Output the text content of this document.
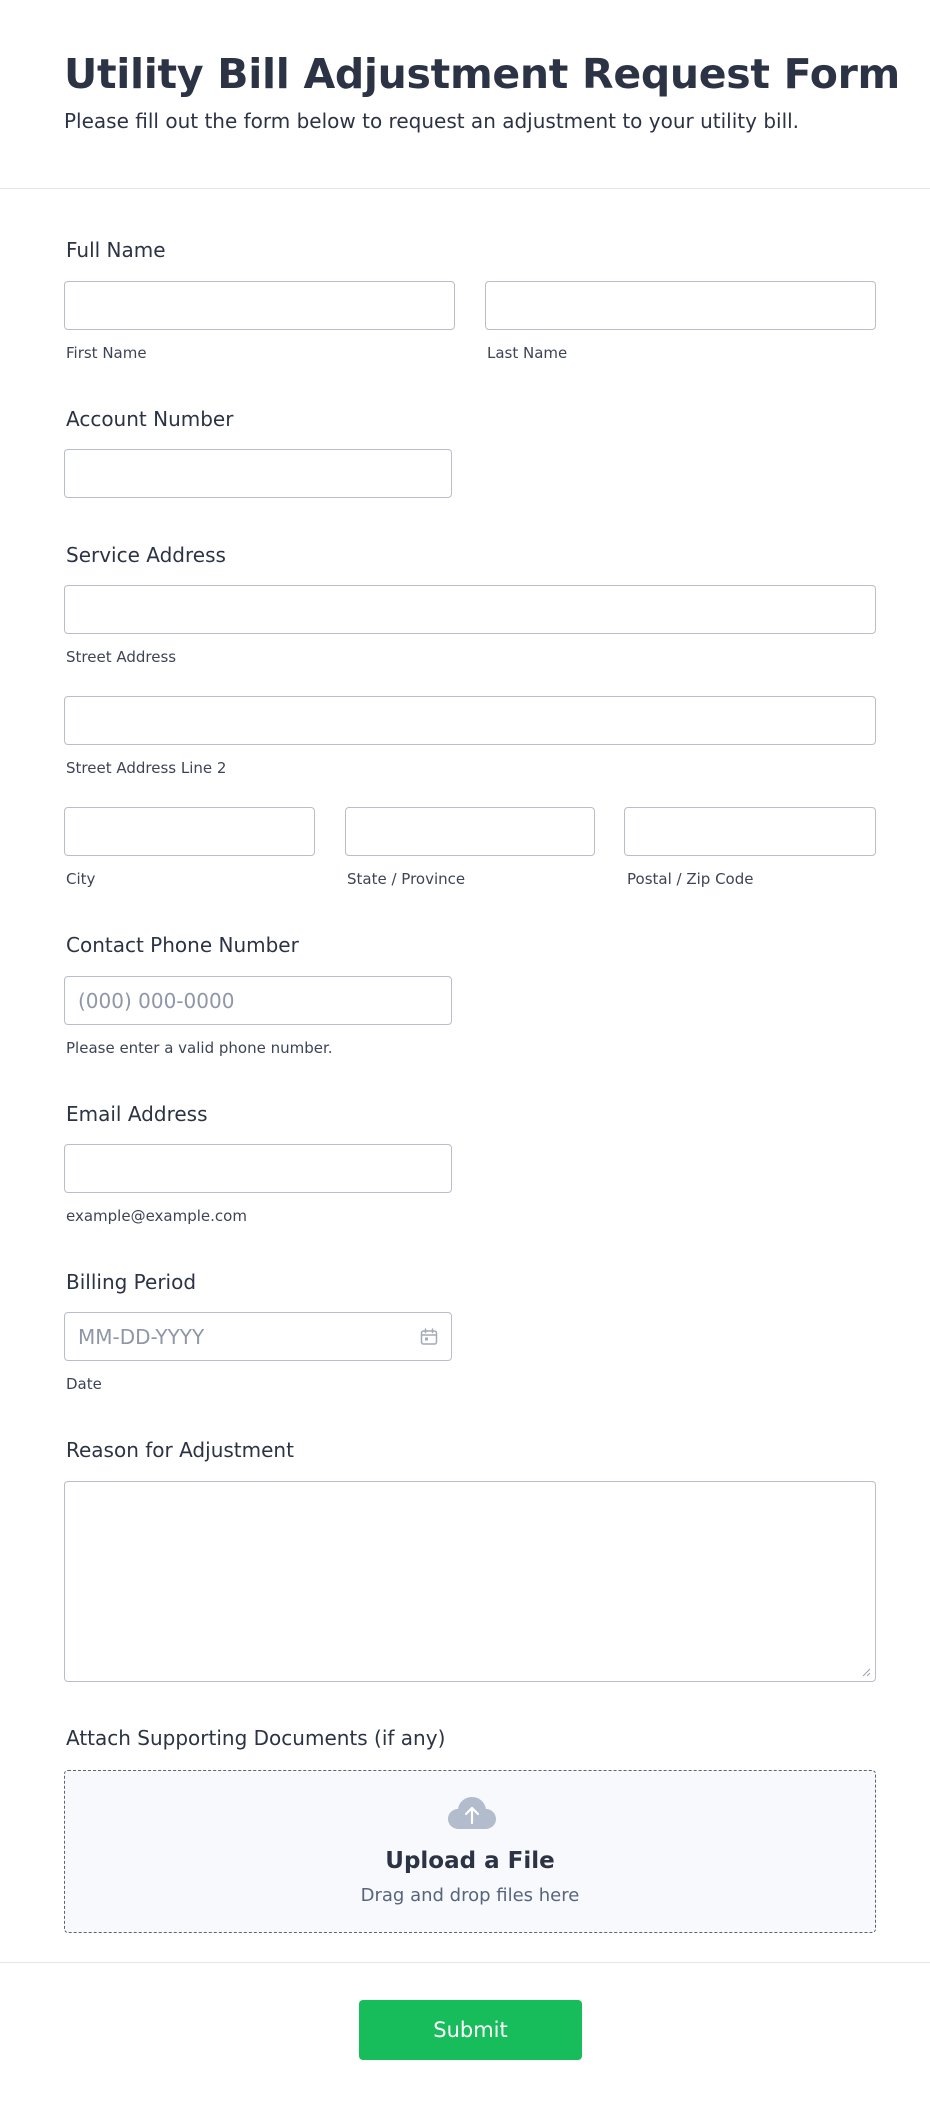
Utility Bill Adjustment Request Form
Please fill out the form below to request an adjustment to your utility bill.
Full Name
First Name	Last Name
Account Number
Service Address
Street Address
Street Address Line 2
City	State / Province	Postal / Zip Code
Contact Phone Number
(000) 000-0000
Please enter a valid phone number.
Email Address
example@example.com
Billing Period
MM-DD-YYYY
Date
Reason for Adjustment
Attach Supporting Documents (if any)
Upload a File
Drag and drop files here
Submit
